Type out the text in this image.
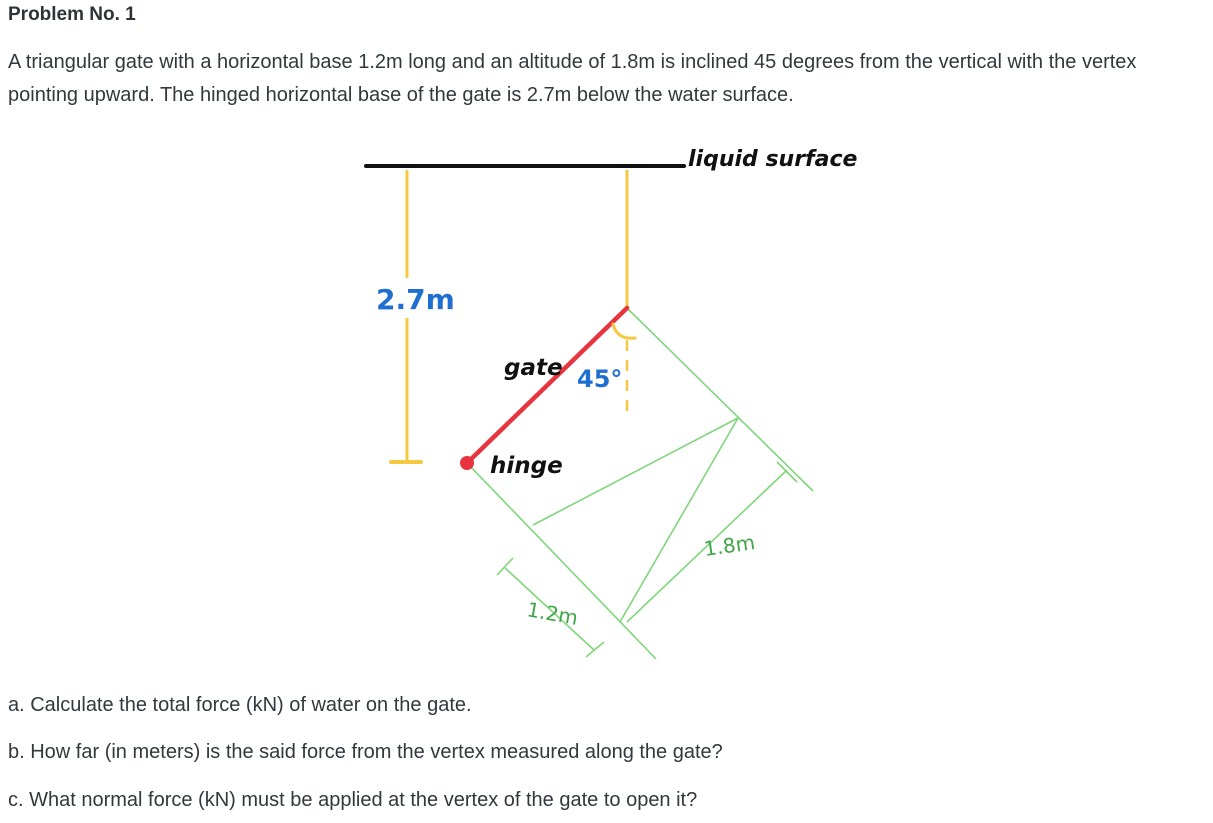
Problem No. 1

A triangular gate with a horizontal base 1.2m long and an altitude of 1.8m is inclined 45 degrees from the vertical with the vertex pointing upward. The hinged horizontal base of the gate is 2.7m below the water surface.

liquid surface
2.7m
1.8m
1.2m
gate 45°
hinge

a. Calculate the total force (kN) of water on the gate.

b. How far (in meters) is the said force from the vertex measured along the gate?

c. What normal force (kN) must be applied at the vertex of the gate to open it?
